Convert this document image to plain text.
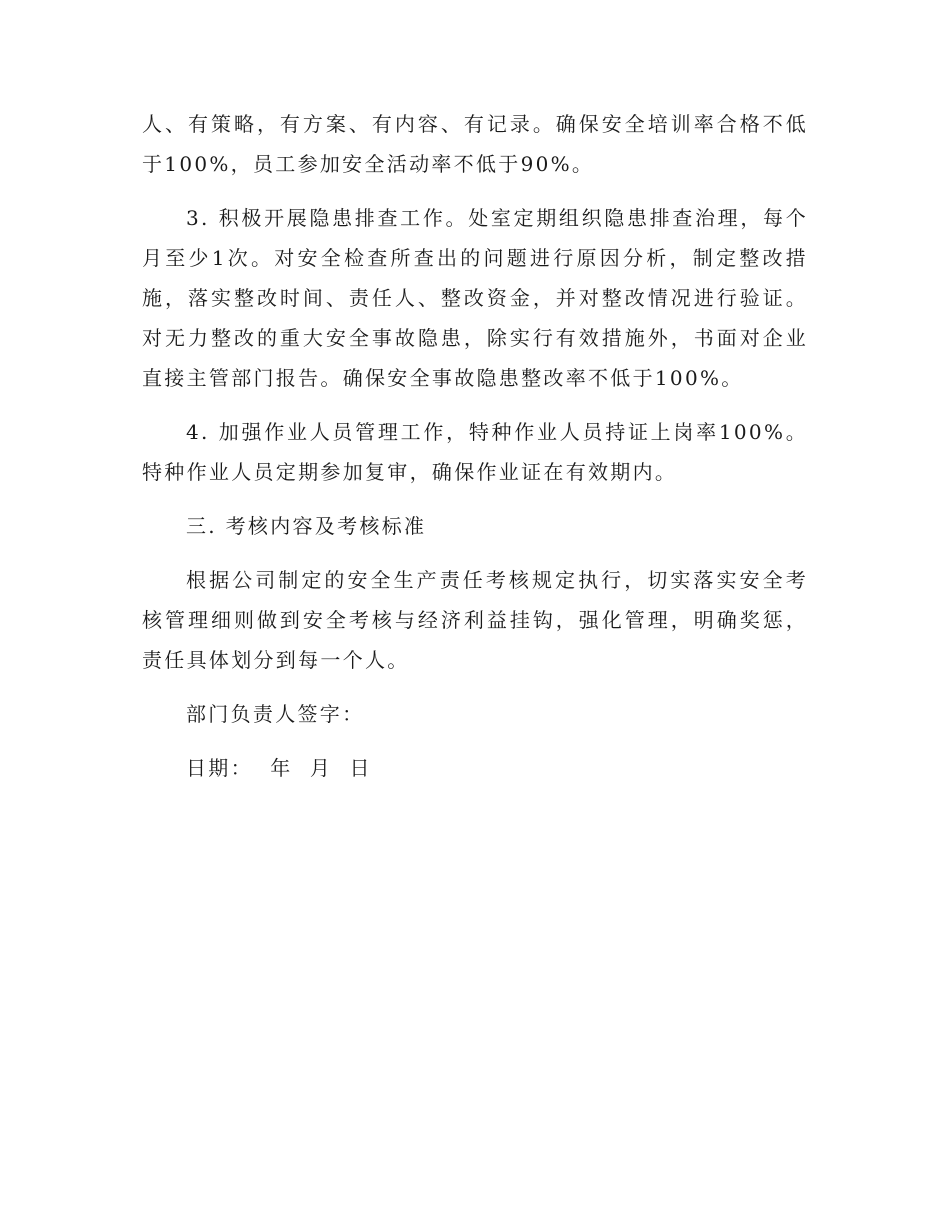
人、有策略，有方案、有内容、有记录。确保安全培训率合格不低于100%，员工参加安全活动率不低于90%。

3. 积极开展隐患排查工作。处室定期组织隐患排查治理，每个月至少1次。对安全检查所查出的问题进行原因分析，制定整改措施，落实整改时间、责任人、整改资金，并对整改情况进行验证。对无力整改的重大安全事故隐患，除实行有效措施外，书面对企业直接主管部门报告。确保安全事故隐患整改率不低于100%。

4. 加强作业人员管理工作，特种作业人员持证上岗率100%。特种作业人员定期参加复审，确保作业证在有效期内。

三. 考核内容及考核标准

根据公司制定的安全生产责任考核规定执行，切实落实安全考核管理细则做到安全考核与经济利益挂钩，强化管理，明确奖惩，责任具体划分到每一个人。

部门负责人签字：

日期：  年  月  日
